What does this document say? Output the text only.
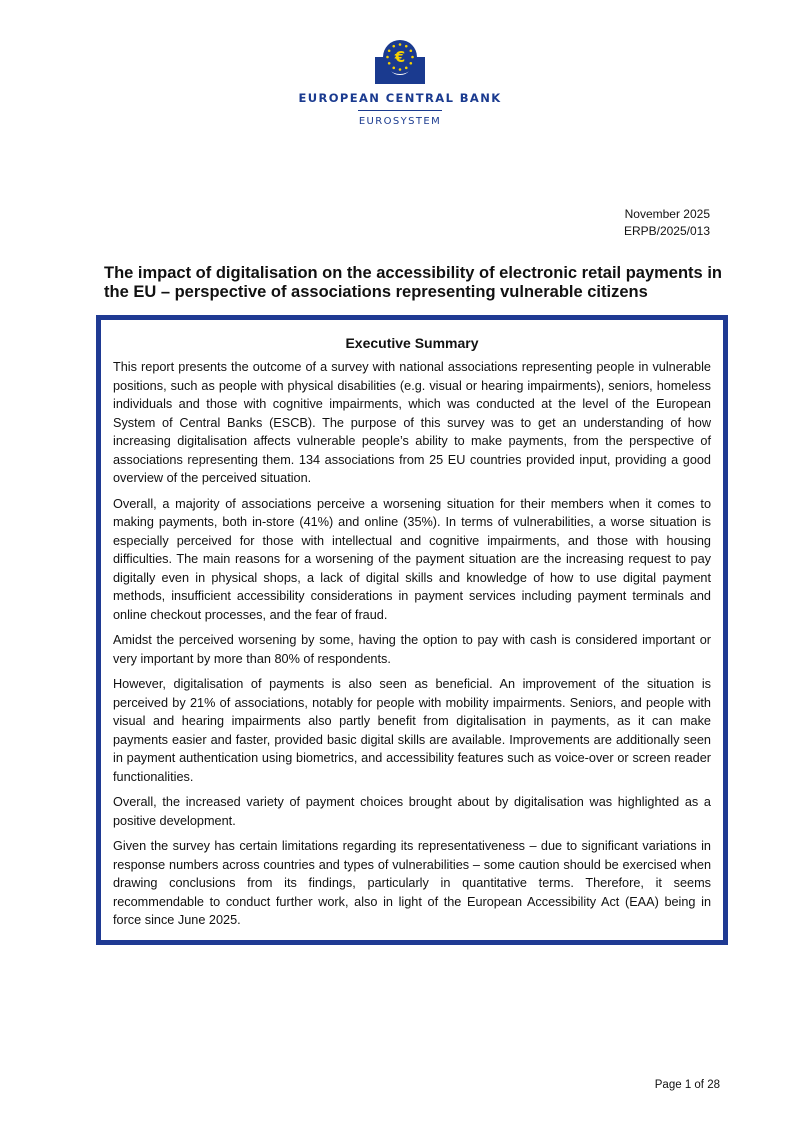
€
EUROPEAN CENTRAL BANK
EUROSYSTEM
November 2025
ERPB/2025/013
The impact of digitalisation on the accessibility of electronic retail payments in the EU – perspective of associations representing vulnerable citizens
Executive Summary

This report presents the outcome of a survey with national associations representing people in vulnerable positions, such as people with physical disabilities (e.g. visual or hearing impairments), seniors, homeless individuals and those with cognitive impairments, which was conducted at the level of the European System of Central Banks (ESCB). The purpose of this survey was to get an understanding of how increasing digitalisation affects vulnerable people’s ability to make payments, from the perspective of associations representing them. 134 associations from 25 EU countries provided input, providing a good overview of the perceived situation.

Overall, a majority of associations perceive a worsening situation for their members when it comes to making payments, both in-store (41%) and online (35%). In terms of vulnerabilities, a worse situation is especially perceived for those with intellectual and cognitive impairments, and those with housing difficulties. The main reasons for a worsening of the payment situation are the increasing request to pay digitally even in physical shops, a lack of digital skills and knowledge of how to use digital payment methods, insufficient accessibility considerations in payment services including payment terminals and online checkout processes, and the fear of fraud.

Amidst the perceived worsening by some, having the option to pay with cash is considered important or very important by more than 80% of respondents.

However, digitalisation of payments is also seen as beneficial. An improvement of the situation is perceived by 21% of associations, notably for people with mobility impairments. Seniors, and people with visual and hearing impairments also partly benefit from digitalisation in payments, as it can make payments easier and faster, provided basic digital skills are available. Improvements are additionally seen in payment authentication using biometrics, and accessibility features such as voice-over or screen reader functionalities.

Overall, the increased variety of payment choices brought about by digitalisation was highlighted as a positive development.

Given the survey has certain limitations regarding its representativeness – due to significant variations in response numbers across countries and types of vulnerabilities – some caution should be exercised when drawing conclusions from its findings, particularly in quantitative terms. Therefore, it seems recommendable to conduct further work, also in light of the European Accessibility Act (EAA) being in force since June 2025.

Page 1 of 28
